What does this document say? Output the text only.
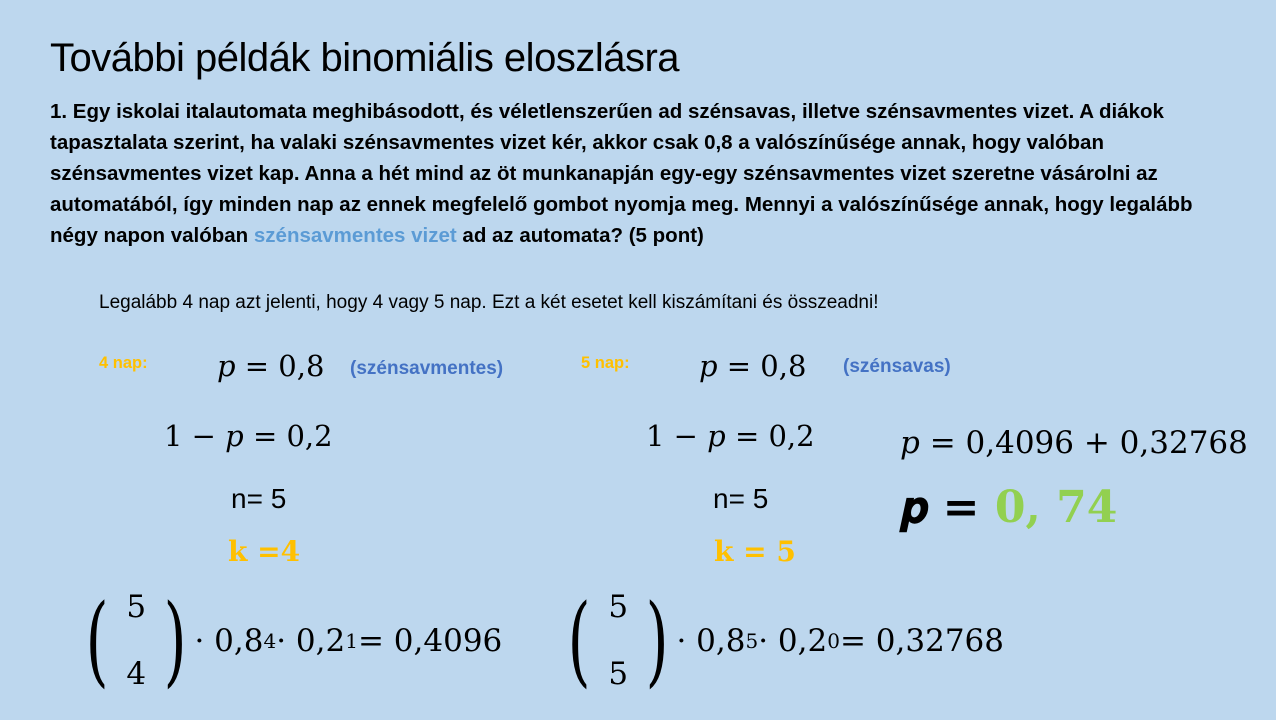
További példák binomiális eloszlásra
1. Egy iskolai italautomata meghibásodott, és véletlenszerűen ad szénsavas, illetve szénsavmentes vizet. A diákok tapasztalata szerint, ha valaki szénsavmentes vizet kér, akkor csak 0,8 a valószínűsége annak, hogy valóban szénsavmentes vizet kap. Anna a hét mind az öt munkanapján egy-egy szénsavmentes vizet szeretne vásárolni az automatából, így minden nap az ennek megfelelő gombot nyomja meg. Mennyi a valószínűsége annak, hogy legalább négy napon valóban szénsavmentes vizet ad az automata? (5 pont)
Legalább 4 nap azt jelenti, hogy 4 vagy 5 nap. Ezt a két esetet kell kiszámítani és összeadni!
4 nap: 𝑝 = 0,8 (szénsavmentes)
1 − 𝑝 = 0,2
n= 5
𝐤 =4
( 5
4 ) · 0,8 4 · 0,2 1 = 0,4096
5 nap: 𝑝 = 0,8 (szénsavas)
1 − 𝑝 = 0,2
n= 5
𝐤 = 5
( 5
5 ) · 0,8 5 · 0,2 0 = 0,32768
𝑝 = 0,4096 + 0,32768
𝒑 = 𝟎, 𝟕𝟒
